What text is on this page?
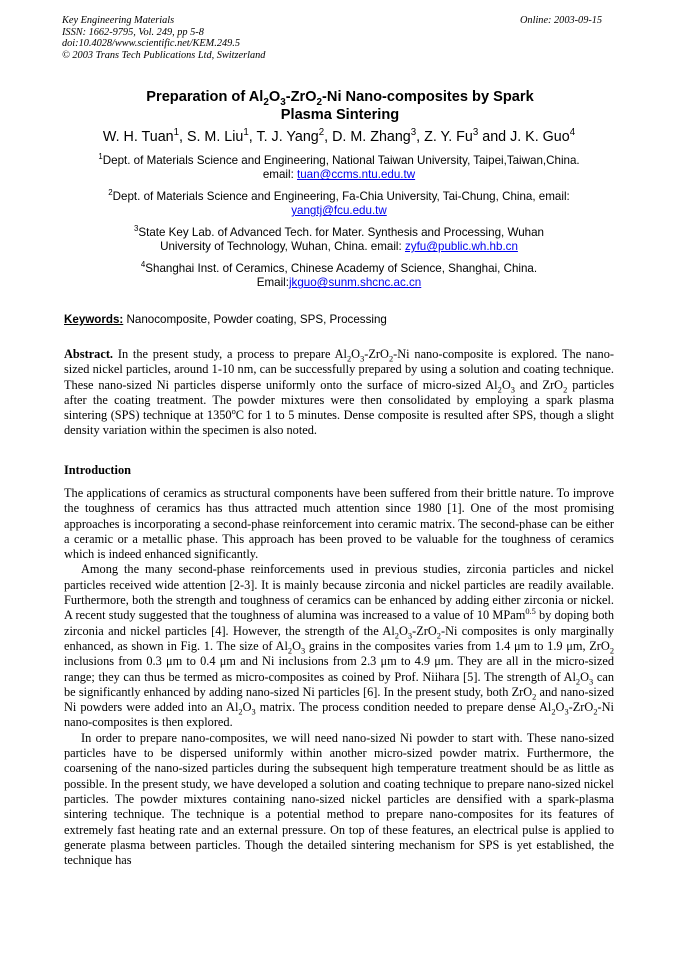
Key Engineering Materials
ISSN: 1662-9795, Vol. 249, pp 5-8
doi:10.4028/www.scientific.net/KEM.249.5
© 2003 Trans Tech Publications Ltd, Switzerland
Online: 2003-09-15
Preparation of $Al_2O_3-ZrO_2-Ni$ Nano-composites by Spark Plasma Sintering
W. H. Tuan$^1$, S. M. Liu$^1$, T. J. Yang$^2$, D. M. Zhang$^3$, Z. Y. Fu$^3$ and J. K. Guo$^4$
$^1$Dept. of Materials Science and Engineering, National Taiwan University, Taipei,Taiwan,China.
email: tuan@ccms.ntu.edu.tw
$^2$Dept. of Materials Science and Engineering, Fa-Chia University, Tai-Chung, China, email:
yangtj@fcu.edu.tw
$^3$State Key Lab. of Advanced Tech. for Mater. Synthesis and Processing, Wuhan University of Technology, Wuhan, China. email: zyfu@public.wh.hb.cn
$^4$Shanghai Inst. of Ceramics, Chinese Academy of Science, Shanghai, China.
Email:jkguo@sunm.shcnc.ac.cn
Keywords: Nanocomposite, Powder coating, SPS, Processing
Abstract. In the present study, a process to prepare $Al_2O_3-ZrO_2-Ni$ nano-composite is explored. The nano-sized nickel particles, around 1-10 nm, can be successfully prepared by using a solution and coating technique. These nano-sized Ni particles disperse uniformly onto the surface of micro-sized $Al_2O_3$ and ZrO$_2$ particles after the coating treatment. The powder mixtures were then consolidated by employing a spark plasma sintering (SPS) technique at 1350$^o$C for 1 to 5 minutes. Dense composite is resulted after SPS, though a slight density variation within the specimen is also noted.
Introduction

The applications of ceramics as structural components have been suffered from their brittle nature. To improve the toughness of ceramics has thus attracted much attention since 1980 [1]. One of the most promising approaches is incorporating a second-phase reinforcement into ceramic matrix. The second-phase can be either a ceramic or a metallic phase. This approach has been proved to be valuable for the toughness of ceramics which is indeed enhanced significantly.

Among the many second-phase reinforcements used in previous studies, zirconia particles and nickel particles received wide attention [2-3]. It is mainly because zirconia and nickel particles are readily available. Furthermore, both the strength and toughness of ceramics can be enhanced by adding either zirconia or nickel. A recent study suggested that the toughness of alumina was increased to a value of 10 MPam$^{0.5}$ by doping both zirconia and nickel particles [4]. However, the strength of the $Al_2O_3-ZrO_2-Ni$ composites is only marginally enhanced, as shown in Fig. 1. The size of $Al_2O_3$ grains in the composites varies from 1.4 μm to 1.9 μm, ZrO$_2$ inclusions from 0.3 μm to 0.4 μm and Ni inclusions from 2.3 μm to 4.9 μm. They are all in the micro-sized range; they can thus be termed as micro-composites as coined by Prof. Niihara [5]. The strength of $Al_2O_3$ can be significantly enhanced by adding nano-sized Ni particles [6]. In the present study, both ZrO$_2$ and nano-sized Ni powders were added into an $Al_2O_3$ matrix. The process condition needed to prepare dense $Al_2O_3-ZrO_2-Ni$ nano-composites is then explored.

In order to prepare nano-composites, we will need nano-sized Ni powder to start with. These nano-sized particles have to be dispersed uniformly within another micro-sized powder matrix. Furthermore, the coarsening of the nano-sized particles during the subsequent high temperature treatment should be as little as possible. In the present study, we have developed a solution and coating technique to prepare nano-sized nickel particles. The powder mixtures containing nano-sized nickel particles are densified with a spark-plasma sintering technique. The technique is a potential method to prepare nano-composites for its features of extremely fast heating rate and an external pressure. On top of these features, an electrical pulse is applied to generate plasma between particles. Though the detailed sintering mechanism for SPS is yet established, the technique has
